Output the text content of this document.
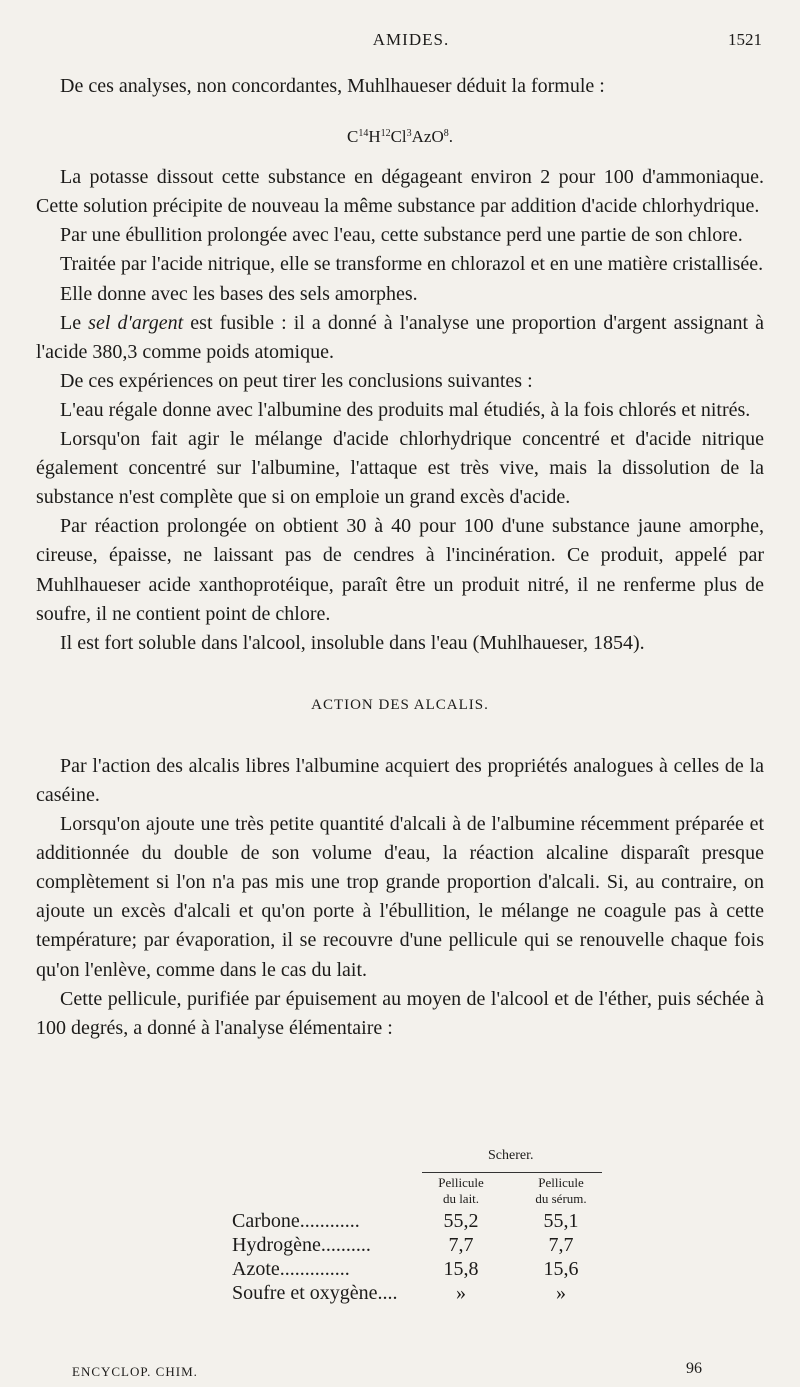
AMIDES.	1521

De ces analyses, non concordantes, Muhlhaueser déduit la formule :

$C^{14}H^{12}Cl^3AzO^8$.

La potasse dissout cette substance en dégageant environ 2 pour 100 d'ammoniaque. Cette solution précipite de nouveau la même substance par addition d'acide chlorhydrique.

Par une ébullition prolongée avec l'eau, cette substance perd une partie de son chlore.

Traitée par l'acide nitrique, elle se transforme en chlorazol et en une matière cristallisée.

Elle donne avec les bases des sels amorphes.

Le sel d'argent est fusible : il a donné à l'analyse une proportion d'argent assignant à l'acide 380,3 comme poids atomique.

De ces expériences on peut tirer les conclusions suivantes :

L'eau régale donne avec l'albumine des produits mal étudiés, à la fois chlorés et nitrés.

Lorsqu'on fait agir le mélange d'acide chlorhydrique concentré et d'acide nitrique également concentré sur l'albumine, l'attaque est très vive, mais la dissolution de la substance n'est complète que si on emploie un grand excès d'acide.

Par réaction prolongée on obtient 30 à 40 pour 100 d'une substance jaune amorphe, cireuse, épaisse, ne laissant pas de cendres à l'incinération. Ce produit, appelé par Muhlhaueser acide xanthoprotéique, paraît être un produit nitré, il ne renferme plus de soufre, il ne contient point de chlore.

Il est fort soluble dans l'alcool, insoluble dans l'eau (Muhlhaueser, 1854).

ACTION DES ALCALIS.

Par l'action des alcalis libres l'albumine acquiert des propriétés analogues à celles de la caséine.

Lorsqu'on ajoute une très petite quantité d'alcali à de l'albumine récemment préparée et additionnée du double de son volume d'eau, la réaction alcaline disparaît presque complètement si l'on n'a pas mis une trop grande proportion d'alcali. Si, au contraire, on ajoute un excès d'alcali et qu'on porte à l'ébullition, le mélange ne coagule pas à cette température; par évaporation, il se recouvre d'une pellicule qui se renouvelle chaque fois qu'on l'enlève, comme dans le cas du lait.

Cette pellicule, purifiée par épuisement au moyen de l'alcool et de l'éther, puis séchée à 100 degrés, a donné à l'analyse élémentaire :

Scherer.
Pellicule
du lait.
Pellicule
du sérum.
Carbone............	55,2	55,1
Hydrogène..........	7,7	7,7
Azote..............	15,8	15,6
Soufre et oxygène....	»	»
ENCYCLOP. CHIM.	96
